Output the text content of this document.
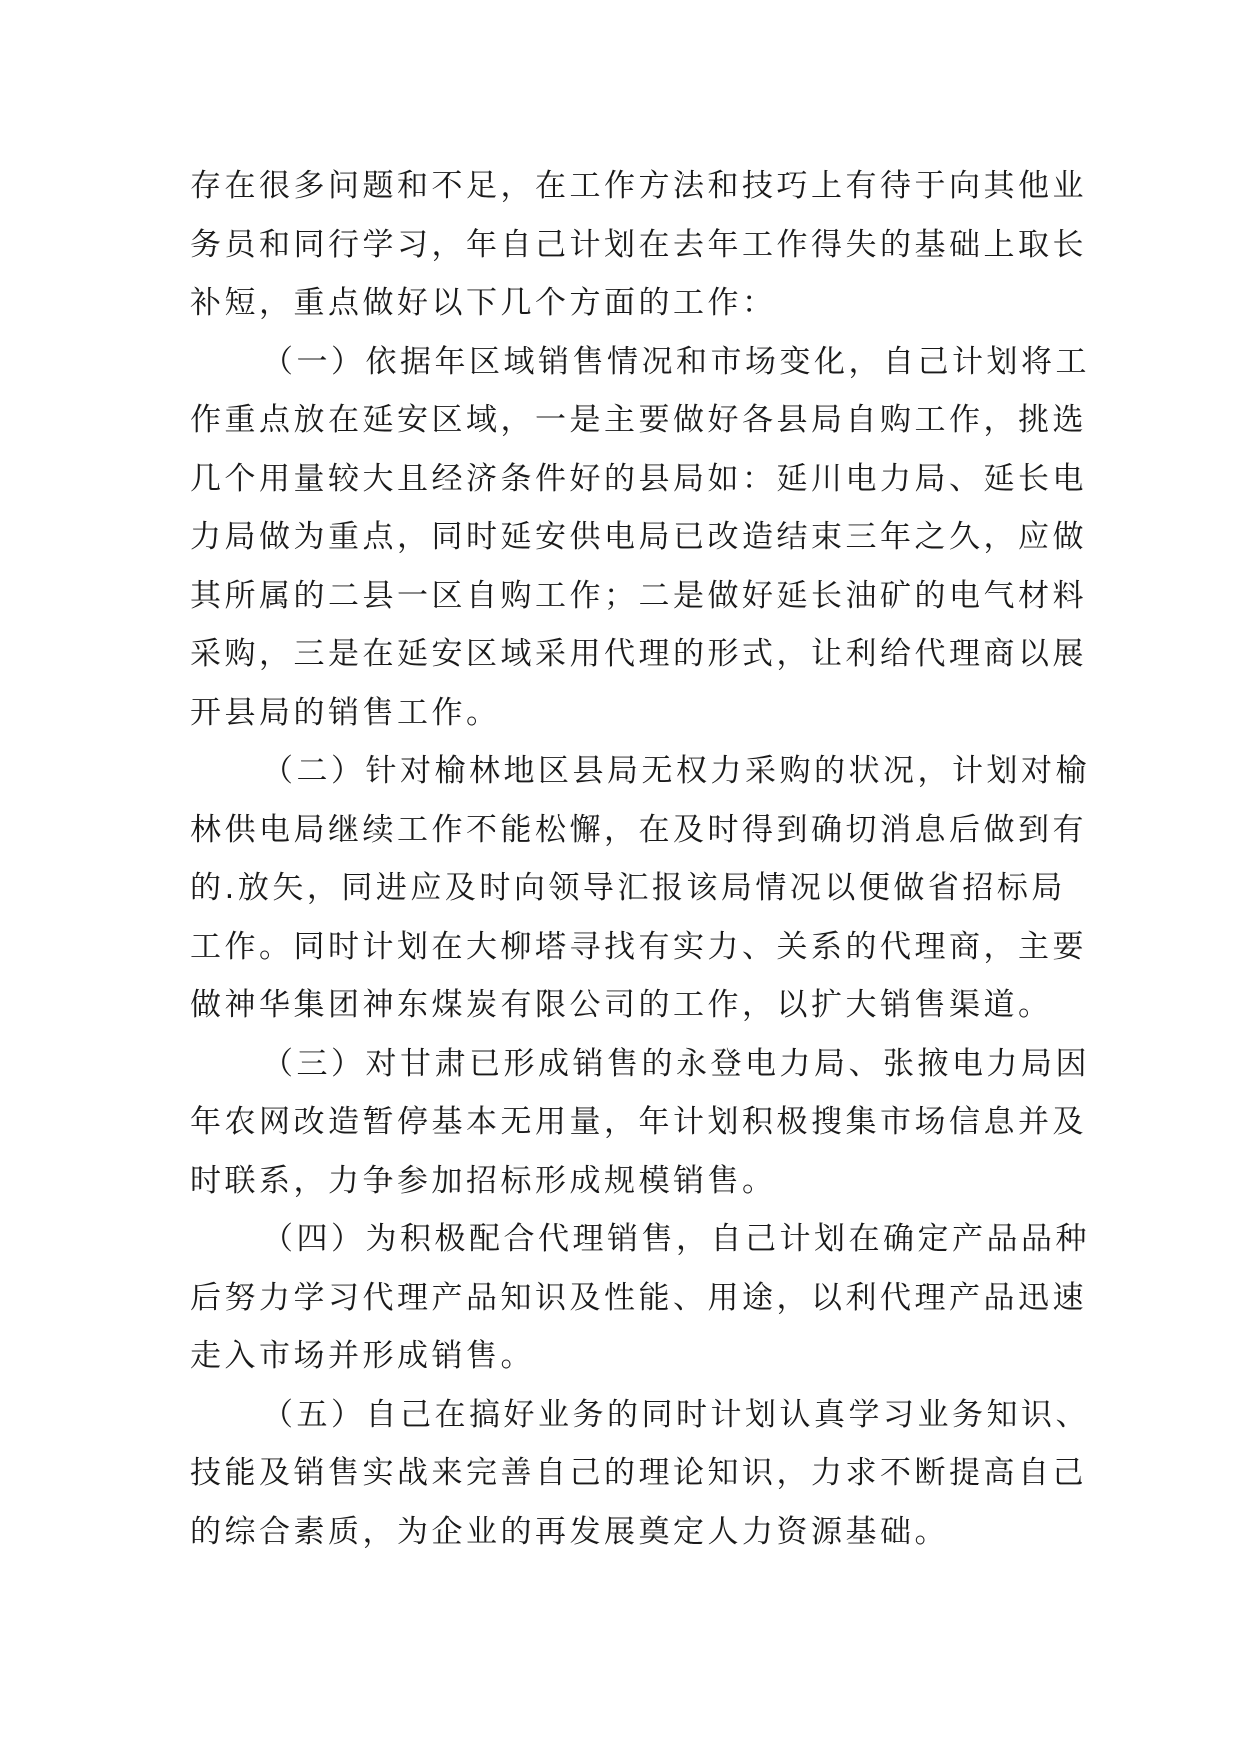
存在很多问题和不足，在工作方法和技巧上有待于向其他业
务员和同行学习，年自己计划在去年工作得失的基础上取长
补短，重点做好以下几个方面的工作：
（一）依据年区域销售情况和市场变化，自己计划将工
作重点放在延安区域，一是主要做好各县局自购工作，挑选
几个用量较大且经济条件好的县局如：延川电力局、延长电
力局做为重点，同时延安供电局已改造结束三年之久，应做
其所属的二县一区自购工作；二是做好延长油矿的电气材料
采购，三是在延安区域采用代理的形式，让利给代理商以展
开县局的销售工作。
（二）针对榆林地区县局无权力采购的状况，计划对榆
林供电局继续工作不能松懈，在及时得到确切消息后做到有
的.放矢，同进应及时向领导汇报该局情况以便做省招标局
工作。同时计划在大柳塔寻找有实力、关系的代理商，主要
做神华集团神东煤炭有限公司的工作，以扩大销售渠道。
（三）对甘肃已形成销售的永登电力局、张掖电力局因
年农网改造暂停基本无用量，年计划积极搜集市场信息并及
时联系，力争参加招标形成规模销售。
（四）为积极配合代理销售，自己计划在确定产品品种
后努力学习代理产品知识及性能、用途，以利代理产品迅速
走入市场并形成销售。
（五）自己在搞好业务的同时计划认真学习业务知识、
技能及销售实战来完善自己的理论知识，力求不断提高自己
的综合素质，为企业的再发展奠定人力资源基础。
